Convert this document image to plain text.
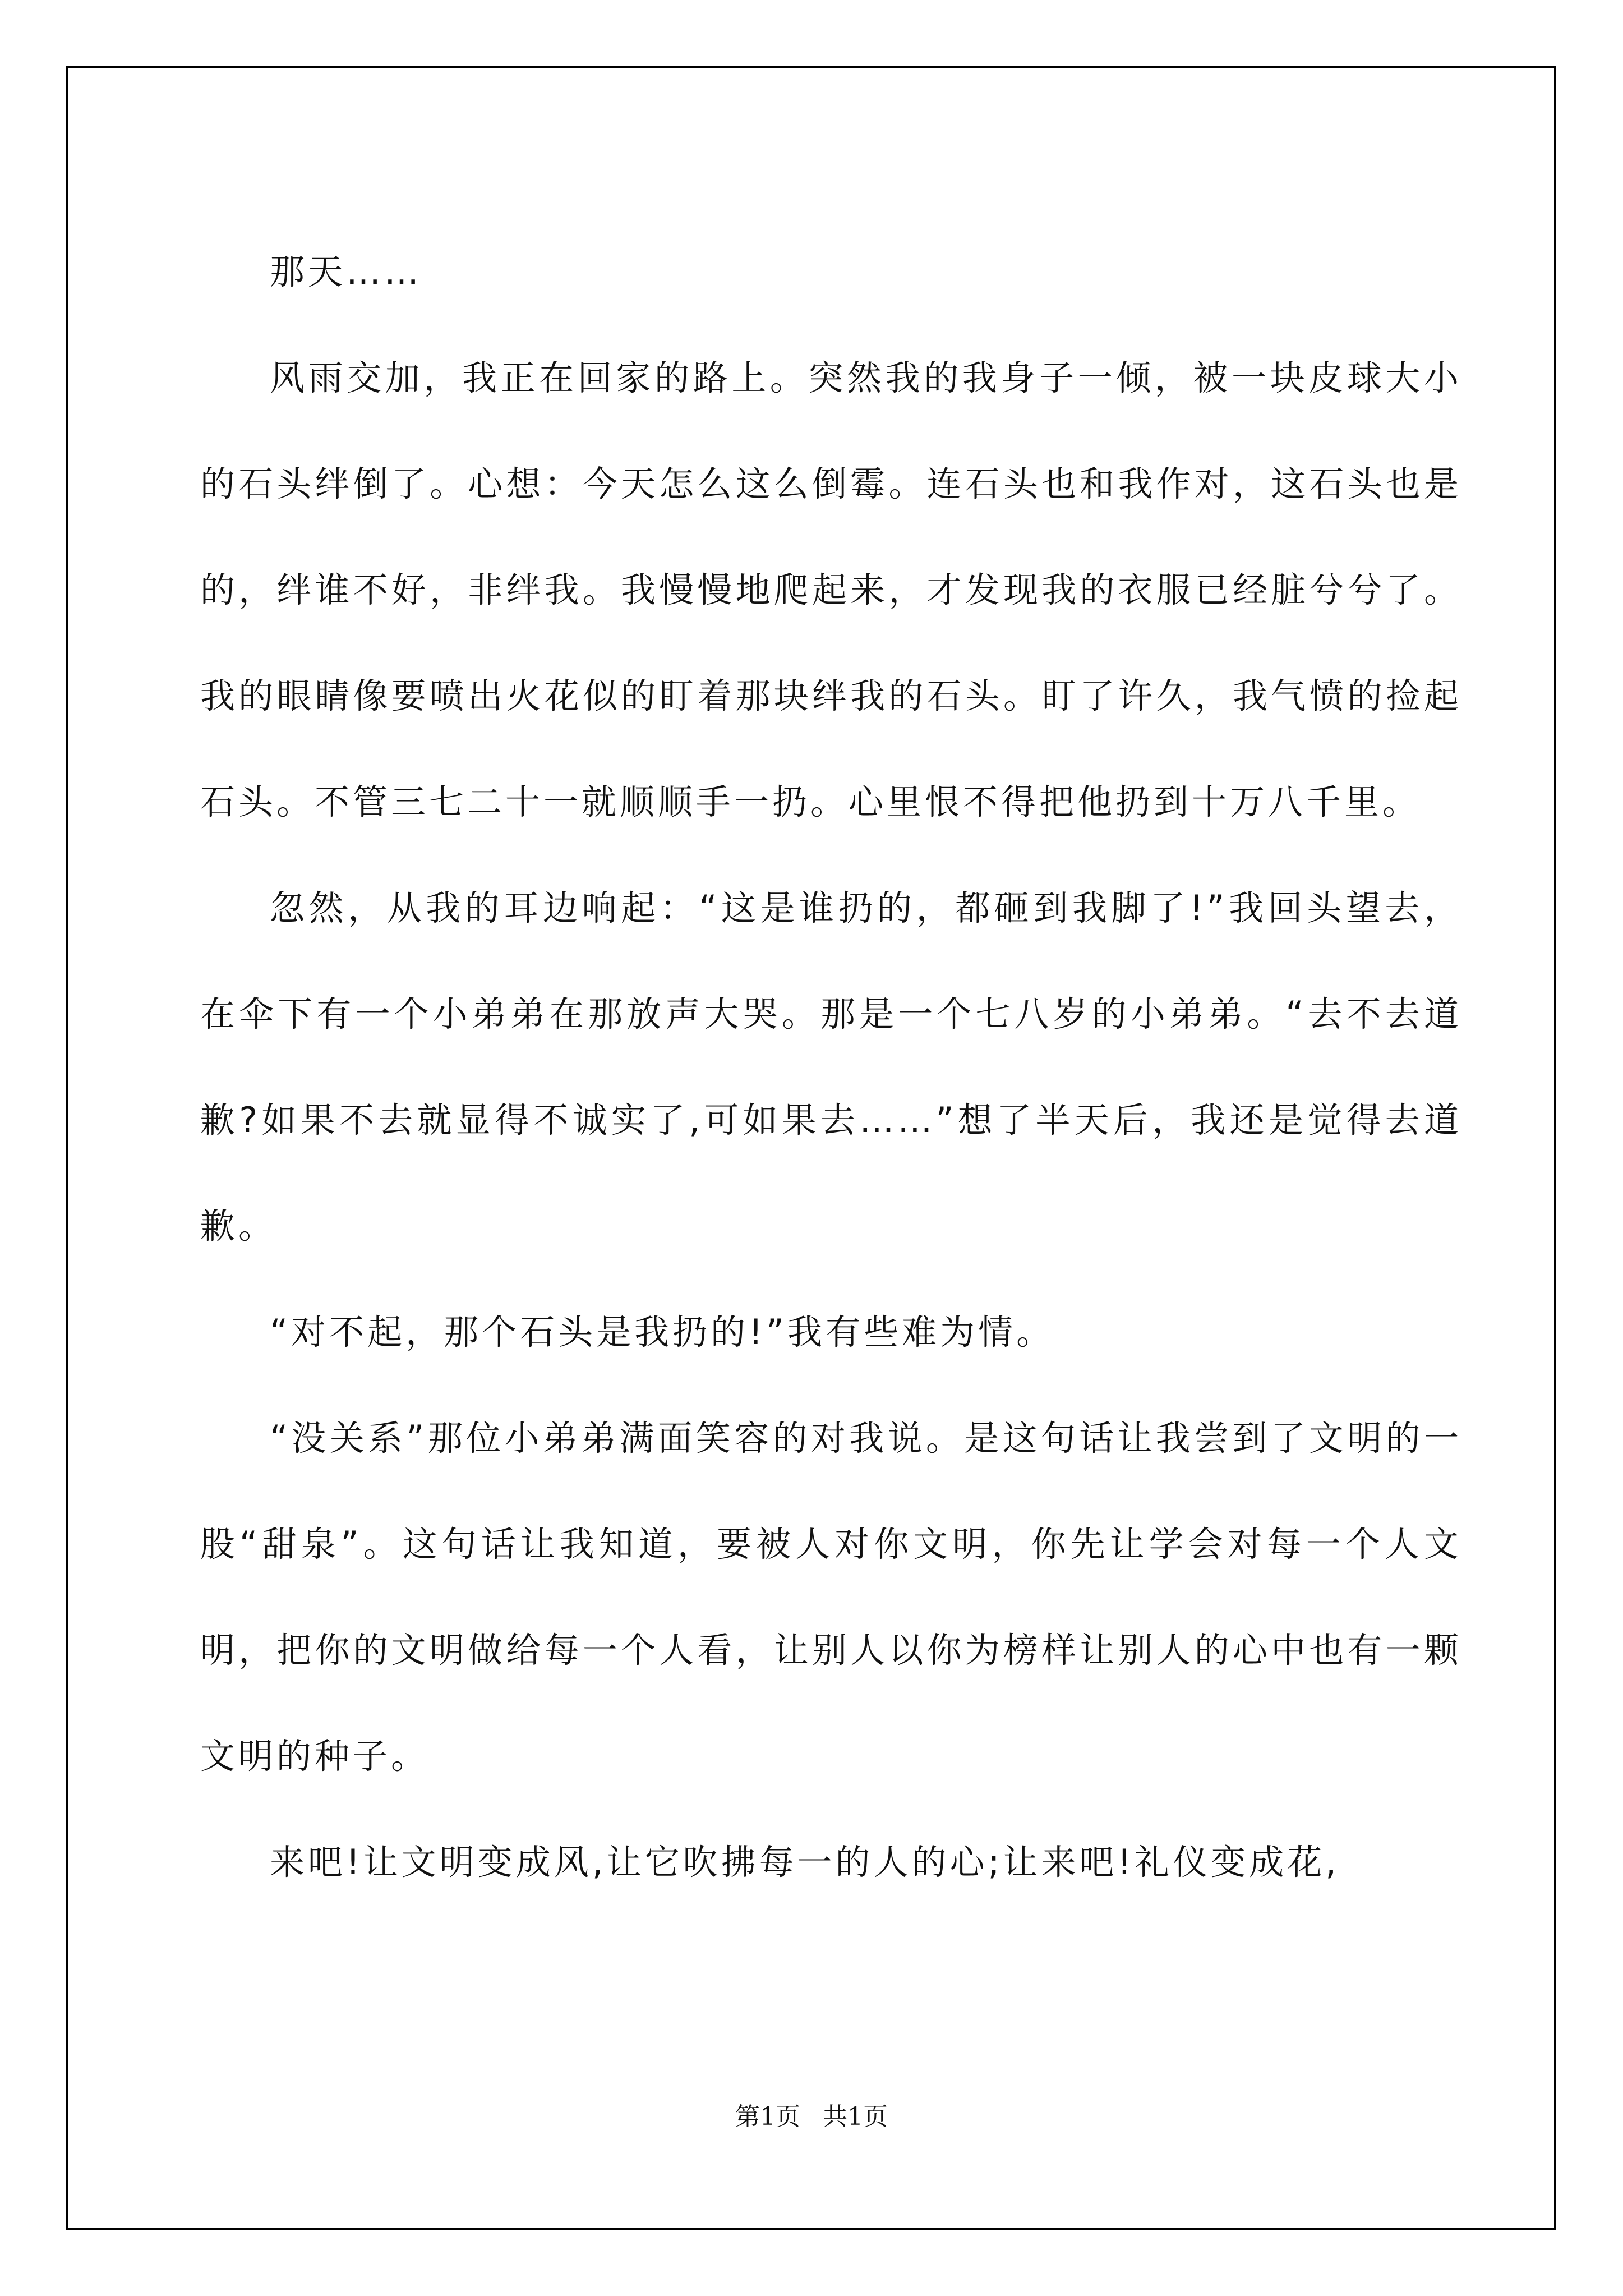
那天……

风雨交加，我正在回家的路上。突然我的我身子一倾，被一块皮球大小的石头绊倒了。心想：今天怎么这么倒霉。连石头也和我作对，这石头也是的，绊谁不好，非绊我。我慢慢地爬起来，才发现我的衣服已经脏兮兮了。我的眼睛像要喷出火花似的盯着那块绊我的石头。盯了许久，我气愤的捡起石头。不管三七二十一就顺顺手一扔。心里恨不得把他扔到十万八千里。

忽然，从我的耳边响起：“这是谁扔的，都砸到我脚了!”我回头望去，在伞下有一个小弟弟在那放声大哭。那是一个七八岁的小弟弟。“去不去道歉?如果不去就显得不诚实了,可如果去……”想了半天后，我还是觉得去道歉。

“对不起，那个石头是我扔的!”我有些难为情。

“没关系”那位小弟弟满面笑容的对我说。是这句话让我尝到了文明的一股“甜泉”。这句话让我知道，要被人对你文明，你先让学会对每一个人文明，把你的文明做给每一个人看，让别人以你为榜样让别人的心中也有一颗文明的种子。

来吧!让文明变成风,让它吹拂每一的人的心;让来吧!礼仪变成花,

第1页 共1页
